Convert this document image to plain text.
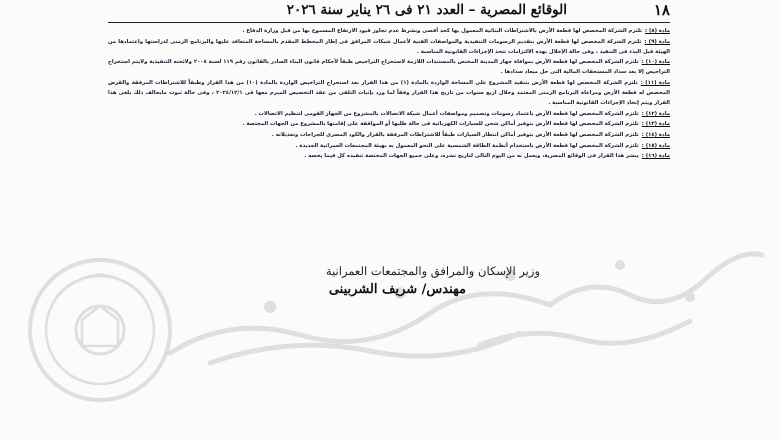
١٨
الوقائع المصرية – العدد ٢١ فى ٢٦ يناير سنة ٢٠٢٦

مادة (٨) :تلتزم الشركة المخصص لها قطعة الأرض بالاشتراطات البنائية المعمول بها كحد أقصى وبشرط عدم تجاوز قيود الارتفاع المسموح بها من قبل وزارة الدفاع .

مادة (٩) :تلتزم الشركة المخصص لها قطعة الأرض بتقديم الرسومات التنفيذية والمواصفات الفنية لأعمال شبكات المرافق فى إطار المخطط المقدم بالمساحة المتعاقد عليها والبرنامج الزمنى لدراستها واعتمادها من الهيئة قبل البدء فى التنفيذ ، وفى حالة الإخلال بهذه الالتزامات تتخذ الإجراءات القانونية المناسبة .

مادة (١٠) :تلتزم الشركة المخصص لها قطعة الأرض بموافاة جهاز المدينة المختص بالمستندات اللازمة لاستخراج التراخيص طبقاً لأحكام قانون البناء الصادر بالقانون رقم ١١٩ لسنة ٢٠٠٨ ولائحته التنفيذية ولايتم استخراج التراخيص إلا بعد سداد المستحقات المالية التى حل ميعاد سدادها .

مادة (١١) :تلتزم الشركة المخصص لها قطعة الأرض بتنفيذ المشروع على المساحة الواردة بالمادة (١) من هذا القرار بعد استخراج التراخيص الواردة بالمادة (١٠) من هذا القرار وطبقاً للاشتراطات المرفقة والقرض المخصص له قطعة الأرض ومراعاة البرنامج الزمنى المعتمد وخلال اربع سنوات من تاريخ هذا القرار وفقاً لما ورد بإثبات التلقى من عقد التخصيص المبرم معها فى ٢٠٢٤/١٢/١ ، وفى حالة ثبوت مايخالف ذلك يلغى هذا القرار ويتم إتخاذ الإجراءات القانونية المناسبة .

مادة (١٢) :تلتزم الشركة المخصص لها قطعة الأرض باعتماد رسومات وتصميم ومواصفات أعمال شبكة الاتصالات بالمشروع من الجهاز القومى لتنظيم الاتصالات .

مادة (١٣) :تلتزم الشركة المخصص لها قطعة الأرض بتوفير أماكن شحن للسيارات الكهربائية فى حالة طلبها أو الموافقة على إقامتها بالمشروع من الجهات المختصة .

مادة (١٤) :تلتزم الشركة المخصص لها قطعة الأرض بتوفير أماكن انتظار السيارات طبقاً للاشتراطات المرفقة بالقرار والكود المصرى للجراجات وتعديلاته .

مادة (١٥) :تلتزم الشركة المخصص لها قطعة الأرض باستخدام أنظمة الطاقة الشمسية على النحو المعمول به بهيئة المجتمعات العمرانية الجديدة .

مادة (١٦) :ينشر هذا القرار فى الوقائع المصرية، ويعمل به من اليوم التالى لتاريخ نشره، وعلى جميع الجهات المختصة تنفيذه كل فيما يخصه .

وزير الإسكان والمرافق والمجتمعات العمرانية
مهندس/ شريف الشربينى
